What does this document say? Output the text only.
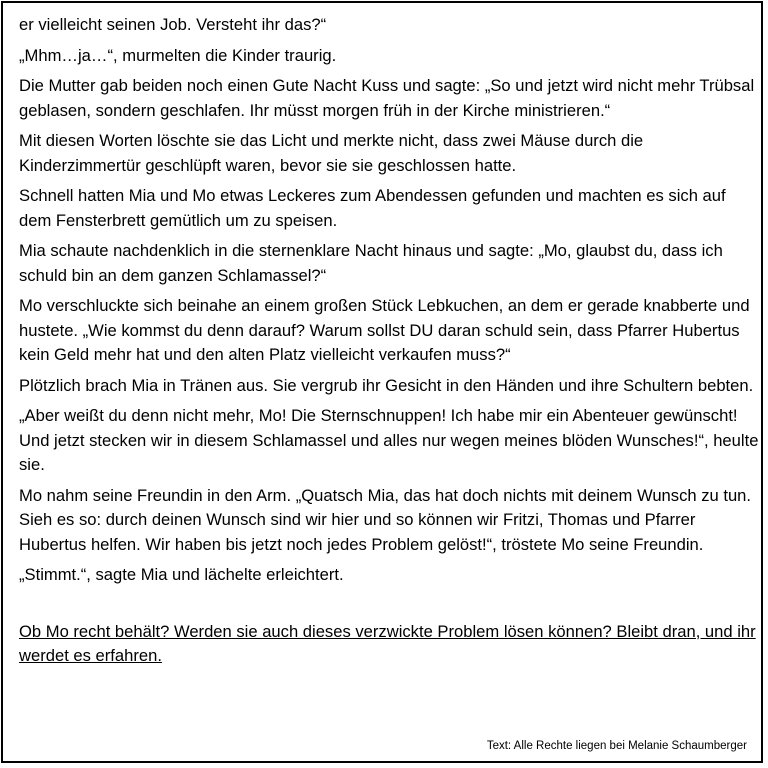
er vielleicht seinen Job. Versteht ihr das?“

„Mhm…ja…“, murmelten die Kinder traurig.

Die Mutter gab beiden noch einen Gute Nacht Kuss und sagte: „So und jetzt wird nicht mehr Trübsal geblasen, sondern geschlafen. Ihr müsst morgen früh in der Kirche ministrieren.“

Mit diesen Worten löschte sie das Licht und merkte nicht, dass zwei Mäuse durch die Kinderzimmertür geschlüpft waren, bevor sie sie geschlossen hatte.

Schnell hatten Mia und Mo etwas Leckeres zum Abendessen gefunden und machten es sich auf dem Fensterbrett gemütlich um zu speisen.

Mia schaute nachdenklich in die sternenklare Nacht hinaus und sagte: „Mo, glaubst du, dass ich schuld bin an dem ganzen Schlamassel?“

Mo verschluckte sich beinahe an einem großen Stück Lebkuchen, an dem er gerade knabberte und hustete. „Wie kommst du denn darauf? Warum sollst DU daran schuld sein, dass Pfarrer Hubertus kein Geld mehr hat und den alten Platz vielleicht verkaufen muss?“

Plötzlich brach Mia in Tränen aus. Sie vergrub ihr Gesicht in den Händen und ihre Schultern bebten.

„Aber weißt du denn nicht mehr, Mo! Die Sternschnuppen! Ich habe mir ein Abenteuer gewünscht! Und jetzt stecken wir in diesem Schlamassel und alles nur wegen meines blöden Wunsches!“, heulte sie.

Mo nahm seine Freundin in den Arm. „Quatsch Mia, das hat doch nichts mit deinem Wunsch zu tun. Sieh es so: durch deinen Wunsch sind wir hier und so können wir Fritzi, Thomas und Pfarrer Hubertus helfen. Wir haben bis jetzt noch jedes Problem gelöst!“, tröstete Mo seine Freundin.

„Stimmt.“, sagte Mia und lächelte erleichtert.

Ob Mo recht behält? Werden sie auch dieses verzwickte Problem lösen können? Bleibt dran, und ihr werdet es erfahren.

Text: Alle Rechte liegen bei Melanie Schaumberger
